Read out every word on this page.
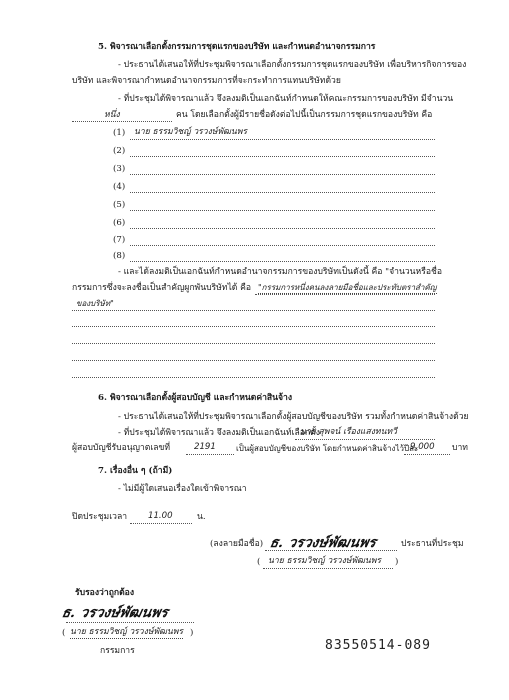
5. พิจารณาเลือกตั้งกรรมการชุดแรกของบริษัท และกำหนดอำนาจกรรมการ
- ประธานได้เสนอให้ที่ประชุมพิจารณาเลือกตั้งกรรมการชุดแรกของบริษัท เพื่อบริหารกิจการของ
บริษัท และพิจารณากำหนดอำนาจกรรมการที่จะกระทำการแทนบริษัทด้วย
- ที่ประชุมได้พิจารณาแล้ว จึงลงมติเป็นเอกฉันท์กำหนดให้คณะกรรมการของบริษัท มีจำนวน
หนึ่ง	คน โดยเลือกตั้งผู้มีรายชื่อดังต่อไปนี้เป็นกรรมการชุดแรกของบริษัท คือ
(1) นาย ธรรมวิชญ์ วรวงษ์พัฒนพร
(2)
(3)
(4)
(5)
(6)
(7)
(8)
- และได้ลงมติเป็นเอกฉันท์กำหนดอำนาจกรรมการของบริษัทเป็นดังนี้ คือ "จำนวนหรือชื่อ
กรรมการซึ่งจะลงชื่อเป็นสำคัญผูกพันบริษัทได้ คือ "กรรมการหนึ่งคนลงลายมือชื่อและประทับตราสำคัญ
ของบริษัท"
6. พิจารณาเลือกตั้งผู้สอบบัญชี และกำหนดค่าสินจ้าง
- ประธานได้เสนอให้ที่ประชุมพิจารณาเลือกตั้งผู้สอบบัญชีของบริษัท รวมทั้งกำหนดค่าสินจ้างด้วย
- ที่ประชุมได้พิจารณาแล้ว จึงลงมติเป็นเอกฉันท์เลือกตั้ง
นาย สุพจน์ เรืองแสงทนทวี
ผู้สอบบัญชีรับอนุญาตเลขที่	2191	เป็นผู้สอบบัญชีของบริษัท โดยกำหนดค่าสินจ้างไว้ปีละ
9,000 บาท
7. เรื่องอื่น ๆ (ถ้ามี)
- ไม่มีผู้ใดเสนอเรื่องใดเข้าพิจารณา
ปิดประชุมเวลา 11.00	น.
(ลงลายมือชื่อ) ธ. วรวงษ์พัฒนพร	ประธานที่ประชุม
( นาย ธรรมวิชญ์ วรวงษ์พัฒนพร )
รับรองว่าถูกต้อง
ธ. วรวงษ์พัฒนพร
( นาย ธรรมวิชญ์ วรวงษ์พัฒนพร )
กรรมการ	83550514-089
